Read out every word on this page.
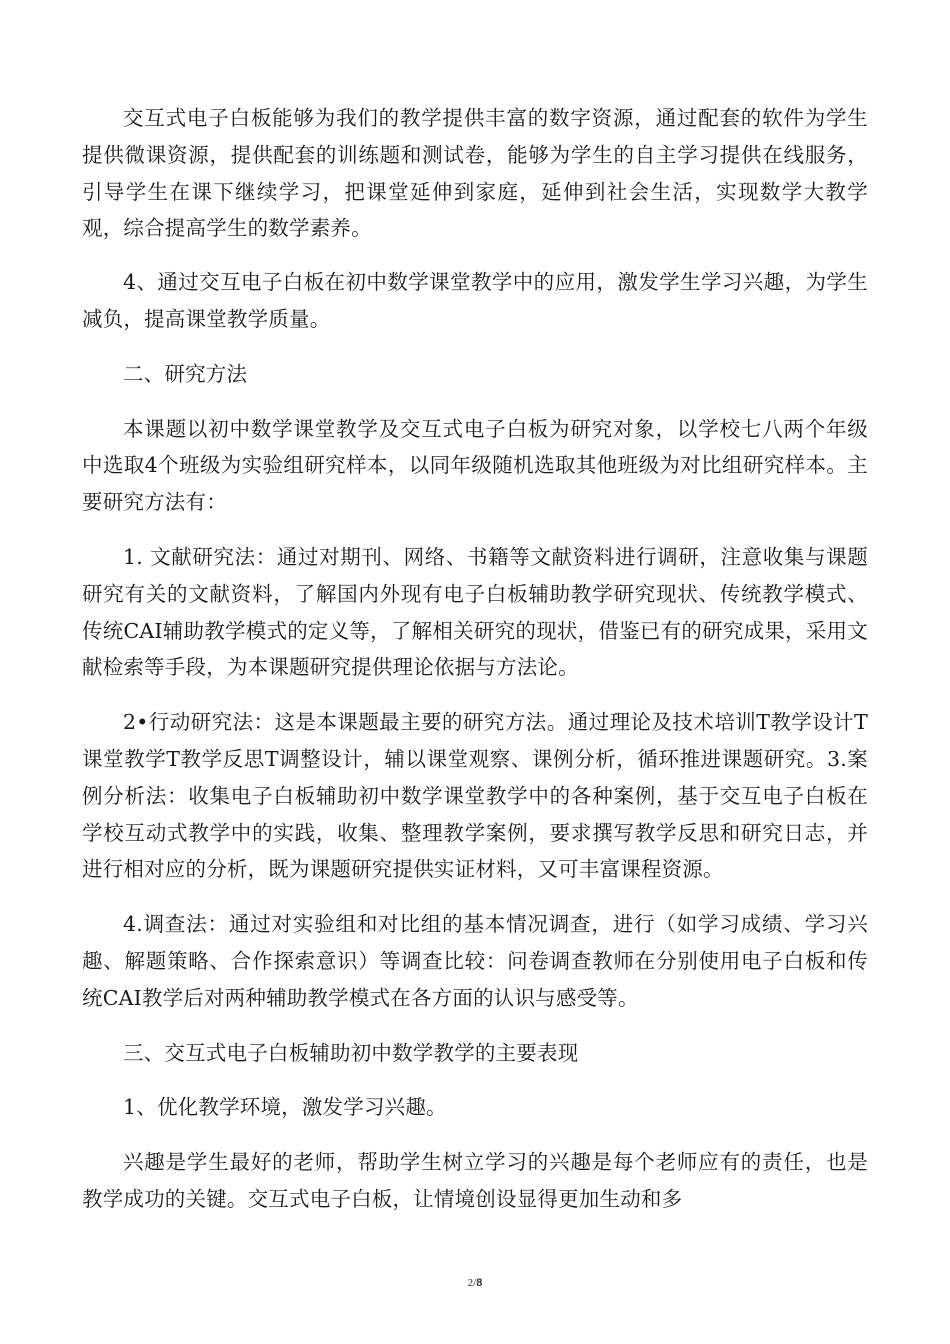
交互式电子白板能够为我们的教学提供丰富的数字资源，通过配套的软件为学生提供微课资源，提供配套的训练题和测试卷，能够为学生的自主学习提供在线服务，引导学生在课下继续学习，把课堂延伸到家庭，延伸到社会生活，实现数学大教学观，综合提高学生的数学素养。

4、通过交互电子白板在初中数学课堂教学中的应用，激发学生学习兴趣，为学生减负，提高课堂教学质量。

二、研究方法

本课题以初中数学课堂教学及交互式电子白板为研究对象，以学校七八两个年级中选取4个班级为实验组研究样本，以同年级随机选取其他班级为对比组研究样本。主要研究方法有：

1. 文献研究法：通过对期刊、网络、书籍等文献资料进行调研，注意收集与课题研究有关的文献资料，了解国内外现有电子白板辅助教学研究现状、传统教学模式、传统CAI辅助教学模式的定义等，了解相关研究的现状，借鉴已有的研究成果，采用文献检索等手段，为本课题研究提供理论依据与方法论。

2•行动研究法：这是本课题最主要的研究方法。通过理论及技术培训T教学设计T课堂教学T教学反思T调整设计，辅以课堂观察、课例分析，循环推进课题研究。3.案例分析法：收集电子白板辅助初中数学课堂教学中的各种案例，基于交互电子白板在学校互动式教学中的实践，收集、整理教学案例，要求撰写教学反思和研究日志，并进行相对应的分析，既为课题研究提供实证材料，又可丰富课程资源。

4.调查法：通过对实验组和对比组的基本情况调查，进行（如学习成绩、学习兴趣、解题策略、合作探索意识）等调查比较：问卷调查教师在分别使用电子白板和传统CAI教学后对两种辅助教学模式在各方面的认识与感受等。

三、交互式电子白板辅助初中数学教学的主要表现

1、优化教学环境，激发学习兴趣。

兴趣是学生最好的老师，帮助学生树立学习的兴趣是每个老师应有的责任，也是教学成功的关键。交互式电子白板，让情境创设显得更加生动和多

2/8
